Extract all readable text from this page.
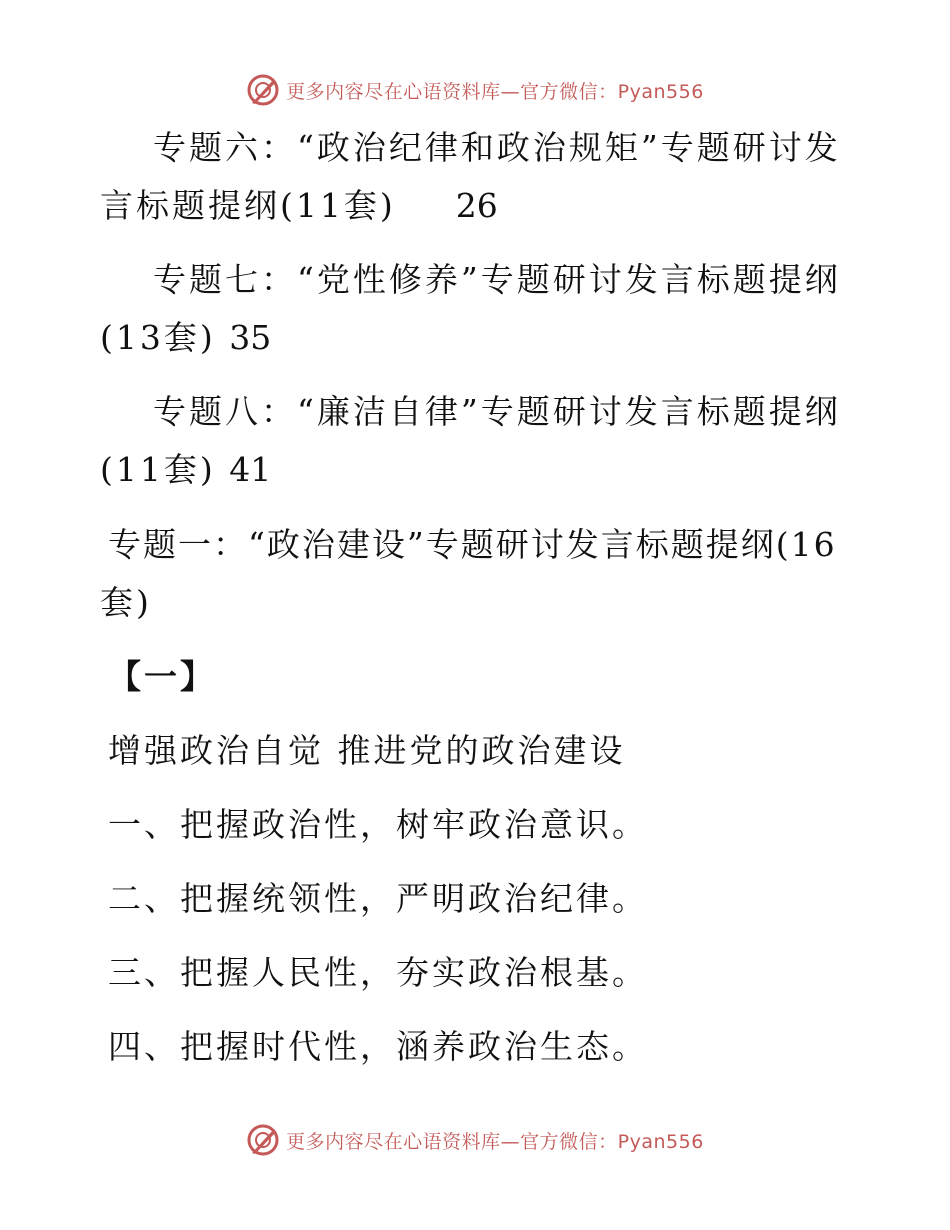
更多内容尽在心语资料库—官方微信：Pyan556
专题六：“政治纪律和政治规矩”专题研讨发
言标题提纲(11套) 26
专题七：“党性修养”专题研讨发言标题提纲
(13套) 35
专题八：“廉洁自律”专题研讨发言标题提纲
(11套) 41
专题一：“政治建设”专题研讨发言标题提纲(16
套)
【一】
增强政治自觉 推进党的政治建设
一、把握政治性，树牢政治意识。
二、把握统领性，严明政治纪律。
三、把握人民性，夯实政治根基。
四、把握时代性，涵养政治生态。
更多内容尽在心语资料库—官方微信：Pyan556
